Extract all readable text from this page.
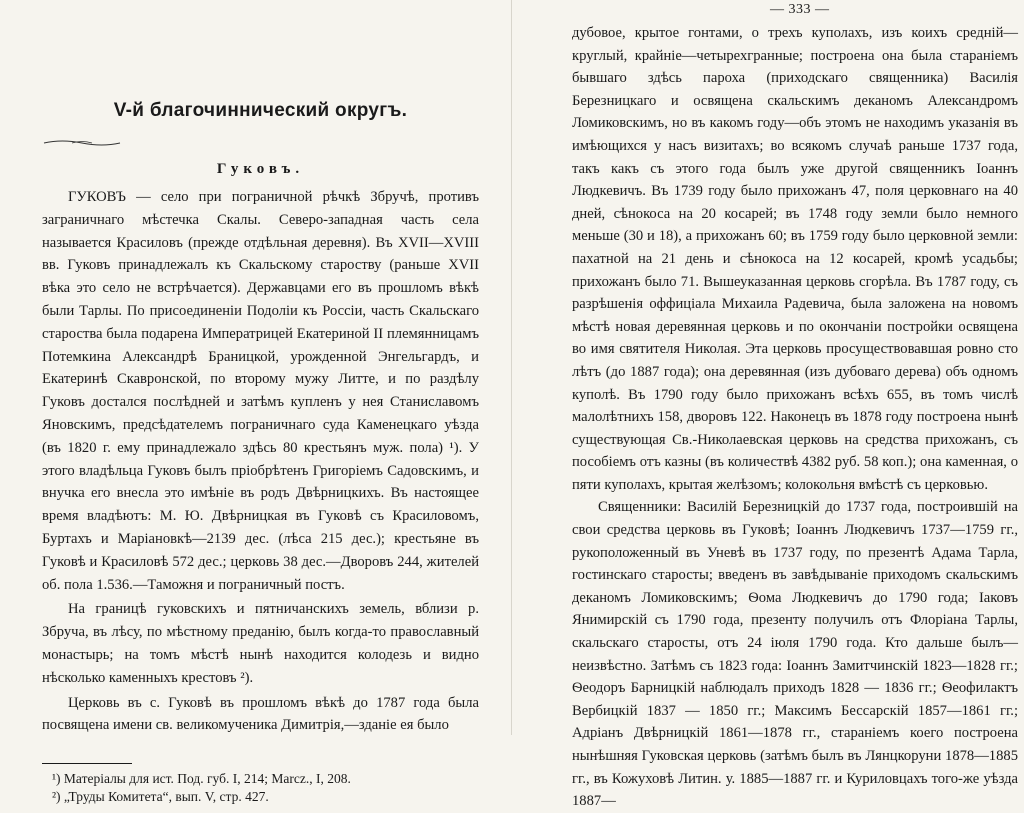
— 333 —
V-й благочиннический округъ.
Гуковъ.

ГУКОВЪ — село при пограничной рѣчкѣ Збручѣ, противъ заграничнаго мѣстечка Скалы. Северо-западная часть села называется Красиловъ (прежде отдѣльная деревня). Въ XVII—XVIII вв. Гуковъ принадлежалъ къ Скальскому староству (раньше XVII вѣка это село не встрѣчается). Державцами его въ прошломъ вѣкѣ были Тарлы. По присоединеніи Подоліи къ Россіи, часть Скальскаго староства была подарена Императрицей Екатериной II племянницамъ Потемкина Александрѣ Браницкой, урожденной Энгельгардъ, и Екатеринѣ Скавронской, по второму мужу Литте, и по раздѣлу Гуковъ достался послѣдней и затѣмъ купленъ у нея Станиславомъ Яновскимъ, предсѣдателемъ пограничнаго суда Каменецкаго уѣзда (въ 1820 г. ему принадлежало здѣсь 80 крестьянъ муж. пола) ¹). У этого владѣльца Гуковъ былъ пріобрѣтенъ Григоріемъ Садовскимъ, и внучка его внесла это имѣніе въ родъ Двѣрницкихъ. Въ настоящее время владѣютъ: М. Ю. Двѣрницкая въ Гуковѣ съ Красиловомъ, Буртахъ и Маріановкѣ—2139 дес. (лѣса 215 дес.); крестьяне въ Гуковѣ и Красиловѣ 572 дес.; церковь 38 дес.—Дворовъ 244, жителей об. пола 1.536.—Таможня и пограничный постъ.

На границѣ гуковскихъ и пятничанскихъ земель, вблизи р. Збруча, въ лѣсу, по мѣстному преданію, былъ когда-то православный монастырь; на томъ мѣстѣ нынѣ находится колодезь и видно нѣсколько каменныхъ крестовъ ²).

Церковь въ с. Гуковѣ въ прошломъ вѣкѣ до 1787 года была посвящена имени св. великомученика Димитрія,—зданіе ея было

¹) Матеріалы для ист. Под. губ. I, 214; Marcz., I, 208.

²) „Труды Комитета“, вып. V, стр. 427.

дубовое, крытое гонтами, о трехъ куполахъ, изъ коихъ средній—круглый, крайніе—четырехгранные; построена она была стараніемъ бывшаго здѣсь пароха (приходскаго священника) Василія Березницкаго и освящена скальскимъ деканомъ Александромъ Ломиковскимъ, но въ какомъ году—объ этомъ не находимъ указанія въ имѣющихся у насъ визитахъ; во всякомъ случаѣ раньше 1737 года, такъ какъ съ этого года былъ уже другой священникъ Іоаннъ Людкевичъ. Въ 1739 году было прихожанъ 47, поля церковнаго на 40 дней, сѣнокоса на 20 косарей; въ 1748 году земли было немного меньше (30 и 18), а прихожанъ 60; въ 1759 году было церковной земли: пахатной на 21 день и сѣнокоса на 12 косарей, кромѣ усадьбы; прихожанъ было 71. Вышеуказанная церковь сгорѣла. Въ 1787 году, съ разрѣшенія оффиціала Михаила Радевича, была заложена на новомъ мѣстѣ новая деревянная церковь и по окончаніи постройки освящена во имя святителя Николая. Эта церковь просуществовавшая ровно сто лѣтъ (до 1887 года); она деревянная (изъ дубоваго дерева) объ одномъ куполѣ. Въ 1790 году было прихожанъ всѣхъ 655, въ томъ числѣ малолѣтнихъ 158, дворовъ 122. Наконецъ въ 1878 году построена нынѣ существующая Св.-Николаевская церковь на средства прихожанъ, съ пособіемъ отъ казны (въ количествѣ 4382 руб. 58 коп.); она каменная, о пяти куполахъ, крытая желѣзомъ; колокольня вмѣстѣ съ церковью.

Священники: Василій Березницкій до 1737 года, построившій на свои средства церковь въ Гуковѣ; Іоаннъ Людкевичъ 1737—1759 гг., рукоположенный въ Уневѣ въ 1737 году, по презентѣ Адама Тарла, гостинскаго старосты; введенъ въ завѣдываніе приходомъ скальскимъ деканомъ Ломиковскимъ; Ѳома Людкевичъ до 1790 года; Іаковъ Янимирскій съ 1790 года, презенту получилъ отъ Флоріана Тарлы, скальскаго старосты, отъ 24 іюля 1790 года. Кто дальше былъ—неизвѣстно. Затѣмъ съ 1823 года: Іоаннъ Замитчинскій 1823—1828 гг.; Ѳеодоръ Барницкій наблюдалъ приходъ 1828 — 1836 гг.; Ѳеофилактъ Вербицкій 1837 — 1850 гг.; Максимъ Бессарскій 1857—1861 гг.; Адріанъ Двѣрницкій 1861—1878 гг., стараніемъ коего построена нынѣшняя Гуковская церковь (затѣмъ былъ въ Лянцкоруни 1878—1885 гг., въ Кожуховѣ Литин. у. 1885—1887 гг. и Куриловцахъ того-же уѣзда 1887—
